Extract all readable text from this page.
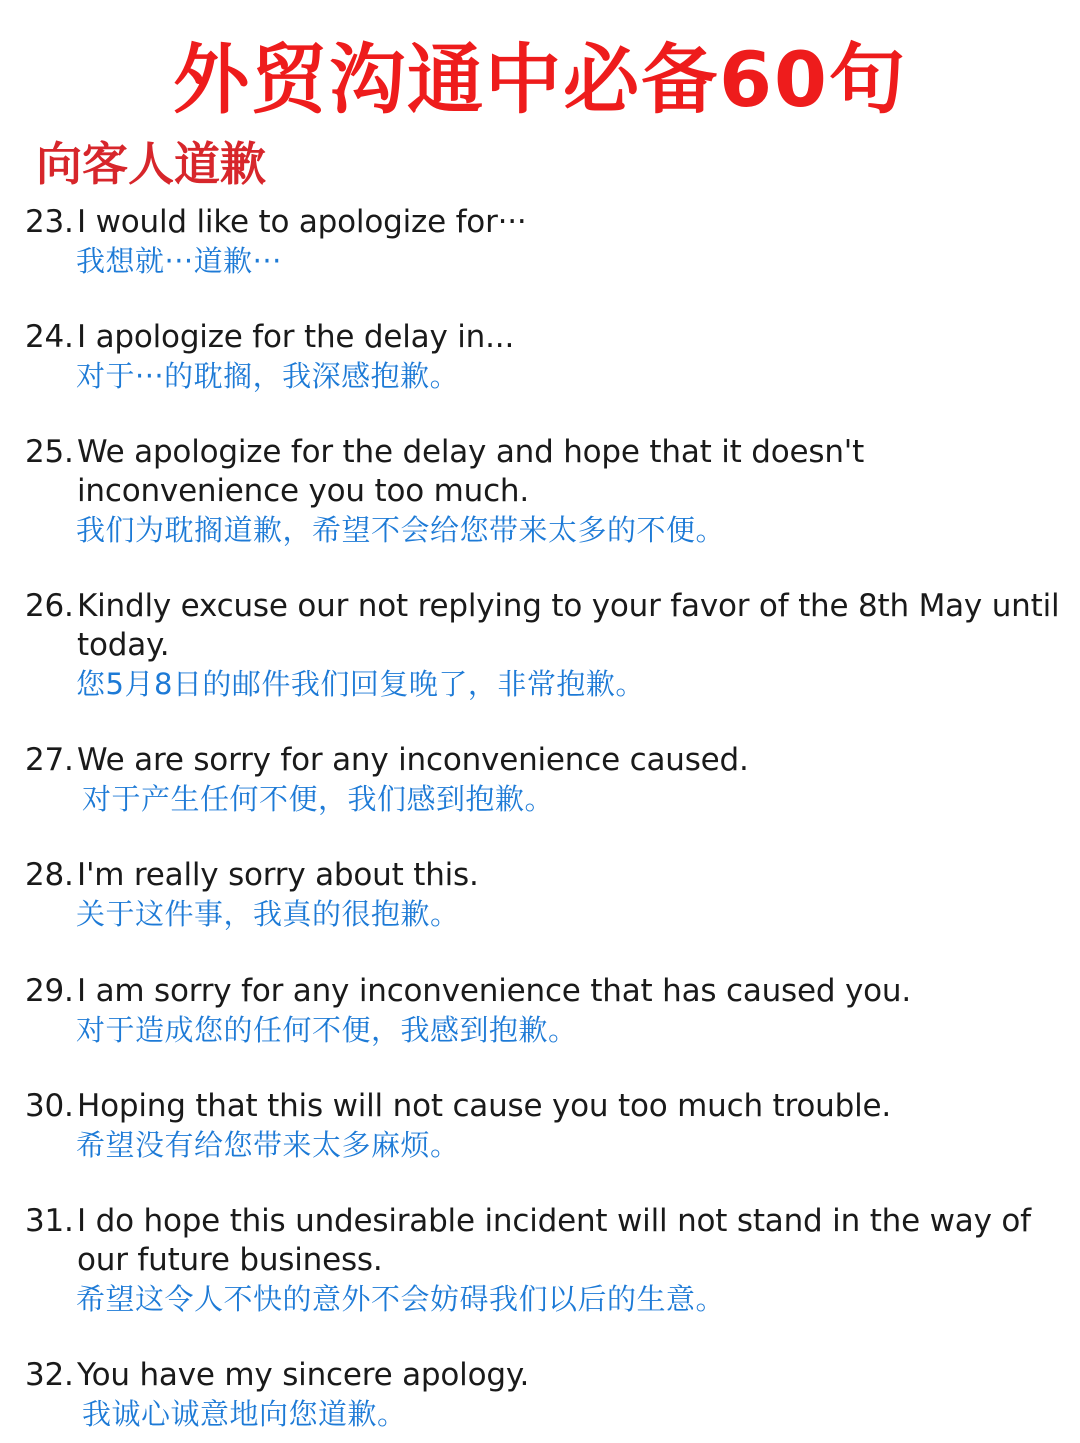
外贸沟通中必备60句
向客人道歉
23. I would like to apologize for···
我想就···道歉···
24. I apologize for the delay in...
对于···的耽搁，我深感抱歉。
25. We apologize for the delay and hope that it doesn't inconvenience you too much.
我们为耽搁道歉，希望不会给您带来太多的不便。
26. Kindly excuse our not replying to your favor of the 8th May until today.
您5月8日的邮件我们回复晚了，非常抱歉。
27. We are sorry for any inconvenience caused.
对于产生任何不便，我们感到抱歉。
28. I'm really sorry about this.
关于这件事，我真的很抱歉。
29. I am sorry for any inconvenience that has caused you.
对于造成您的任何不便，我感到抱歉。
30. Hoping that this will not cause you too much trouble.
希望没有给您带来太多麻烦。
31. I do hope this undesirable incident will not stand in the way of our future business.
希望这令人不快的意外不会妨碍我们以后的生意。
32. You have my sincere apology.
我诚心诚意地向您道歉。
